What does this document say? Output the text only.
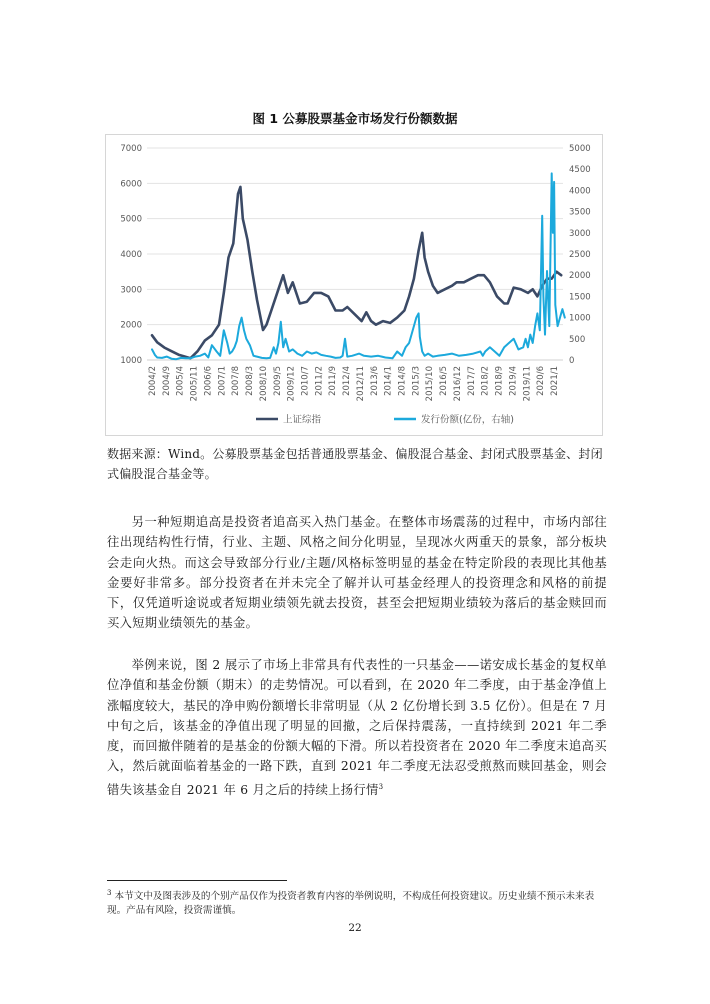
图 1 公募股票基金市场发行份额数据
1000
2000
3000
4000
5000
6000
7000
0
500
1000
1500
2000
2500
3000
3500
4000
4500
5000
2004/2 2004/9 2005/4 2005/11 2006/6 2007/1 2007/8 2008/3 2008/10 2009/5 2009/12 2010/7 2011/2 2011/9 2012/4 2012/11 2013/6 2014/1 2014/8 2015/3 2015/10 2016/5 2016/12 2017/7 2018/2 2018/9 2019/4 2019/11 2020/6 2021/1
上证综指	发行份额(亿份，右轴)
数据来源：Wind。公募股票基金包括普通股票基金、偏股混合基金、封闭式股票基金、封闭式偏股混合基金等。

另一种短期追高是投资者追高买入热门基金。在整体市场震荡的过程中，市场内部往往出现结构性行情，行业、主题、风格之间分化明显，呈现冰火两重天的景象，部分板块会走向火热。而这会导致部分行业/主题/风格标签明显的基金在特定阶段的表现比其他基金要好非常多。部分投资者在并未完全了解并认可基金经理人的投资理念和风格的前提下，仅凭道听途说或者短期业绩领先就去投资，甚至会把短期业绩较为落后的基金赎回而买入短期业绩领先的基金。

举例来说，图 2 展示了市场上非常具有代表性的一只基金——诺安成长基金的复权单位净值和基金份额（期末）的走势情况。可以看到，在 2020 年二季度，由于基金净值上涨幅度较大，基民的净申购份额增长非常明显（从 2 亿份增长到 3.5 亿份）。但是在 7 月中旬之后，该基金的净值出现了明显的回撤，之后保持震荡，一直持续到 2021 年二季度，而回撤伴随着的是基金的份额大幅的下滑。所以若投资者在 2020 年二季度末追高买入，然后就面临着基金的一路下跌，直到 2021 年二季度无法忍受煎熬而赎回基金，则会错失该基金自 2021 年 6 月之后的持续上扬行情$^3$

$^3$ 本节文中及图表涉及的个别产品仅作为投资者教育内容的举例说明，不构成任何投资建议。历史业绩不预示未来表现。产品有风险，投资需谨慎。
22
